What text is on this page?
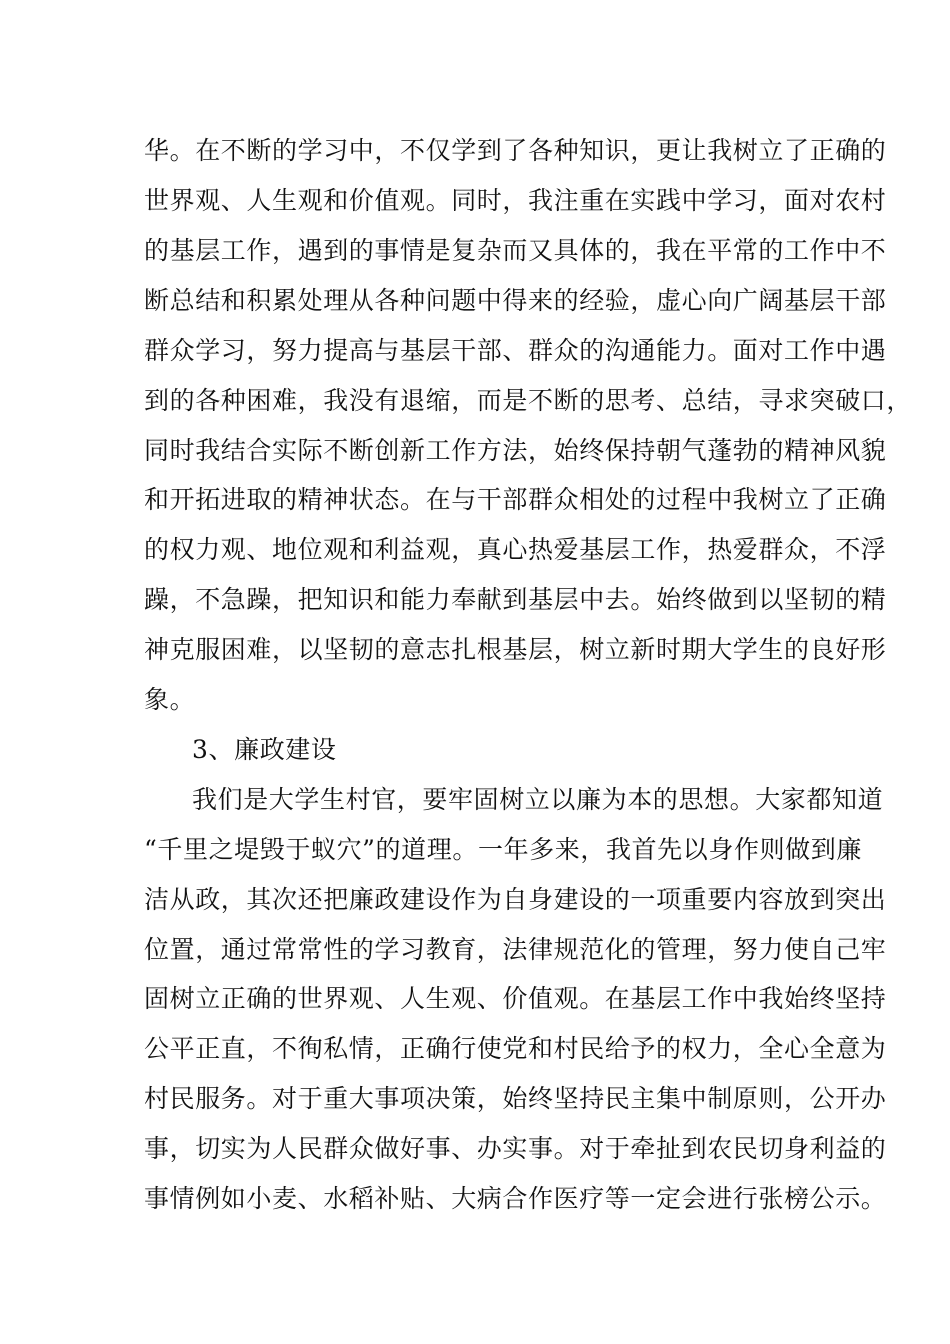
华。在不断的学习中，不仅学到了各种知识，更让我树立了正确的
世界观、人生观和价值观。同时，我注重在实践中学习，面对农村
的基层工作，遇到的事情是复杂而又具体的，我在平常的工作中不
断总结和积累处理从各种问题中得来的经验，虚心向广阔基层干部
群众学习，努力提高与基层干部、群众的沟通能力。面对工作中遇
到的各种困难，我没有退缩，而是不断的思考、总结，寻求突破口，
同时我结合实际不断创新工作方法，始终保持朝气蓬勃的精神风貌
和开拓进取的精神状态。在与干部群众相处的过程中我树立了正确
的权力观、地位观和利益观，真心热爱基层工作，热爱群众，不浮
躁，不急躁，把知识和能力奉献到基层中去。始终做到以坚韧的精
神克服困难，以坚韧的意志扎根基层，树立新时期大学生的良好形
象。
3、廉政建设
我们是大学生村官，要牢固树立以廉为本的思想。大家都知道
“千里之堤毁于蚁穴”的道理。一年多来，我首先以身作则做到廉
洁从政，其次还把廉政建设作为自身建设的一项重要内容放到突出
位置，通过常常性的学习教育，法律规范化的管理，努力使自己牢
固树立正确的世界观、人生观、价值观。在基层工作中我始终坚持
公平正直，不徇私情，正确行使党和村民给予的权力，全心全意为
村民服务。对于重大事项决策，始终坚持民主集中制原则，公开办
事，切实为人民群众做好事、办实事。对于牵扯到农民切身利益的
事情例如小麦、水稻补贴、大病合作医疗等一定会进行张榜公示。
